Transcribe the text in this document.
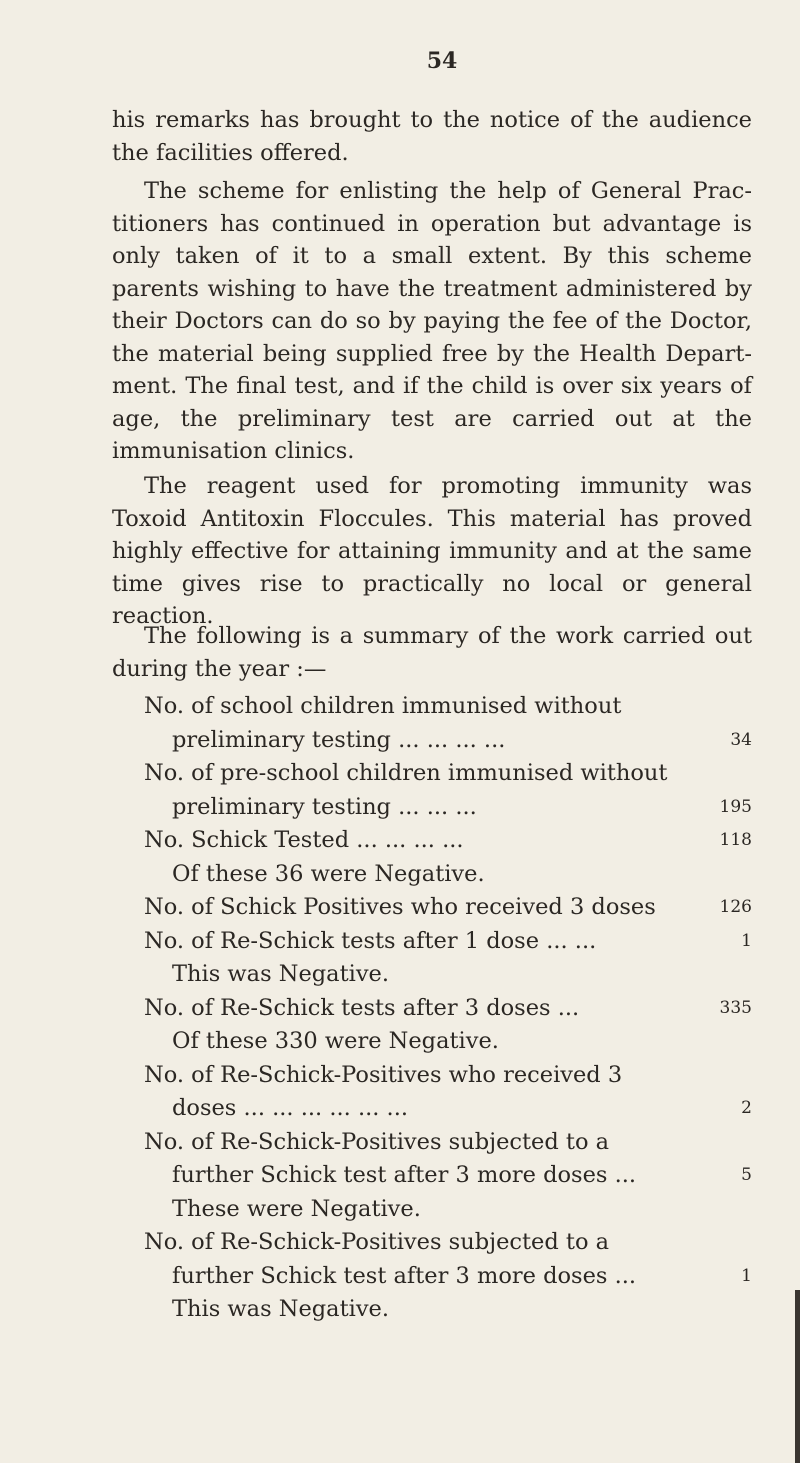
54
his remarks has brought to the notice of the audience the facilities offered.
The scheme for enlisting the help of General Prac- titioners has continued in operation but advantage is only taken of it to a small extent. By this scheme parents wishing to have the treatment administered by their Doctors can do so by paying the fee of the Doctor, the material being supplied free by the Health Depart- ment. The final test, and if the child is over six years of age, the preliminary test are carried out at the immunisation clinics.
The reagent used for promoting immunity was Toxoid Antitoxin Floccules. This material has proved highly effective for attaining immunity and at the same time gives rise to practically no local or general reaction.
The following is a summary of the work carried out during the year :—
No. of school children immunised without
preliminary testing ... ... ... ...	34
No. of pre-school children immunised without
preliminary testing ... ... ...	195
No. Schick Tested ... ... ... ...	118
Of these 36 were Negative.
No. of Schick Positives who received 3 doses	126
No. of Re-Schick tests after 1 dose ... ...	1
This was Negative.
No. of Re-Schick tests after 3 doses ...	335
Of these 330 were Negative.
No. of Re-Schick-Positives who received 3
doses ... ... ... ... ... ...	2
No. of Re-Schick-Positives subjected to a
further Schick test after 3 more doses ...	5
These were Negative.
No. of Re-Schick-Positives subjected to a
further Schick test after 3 more doses ...	1
This was Negative.
